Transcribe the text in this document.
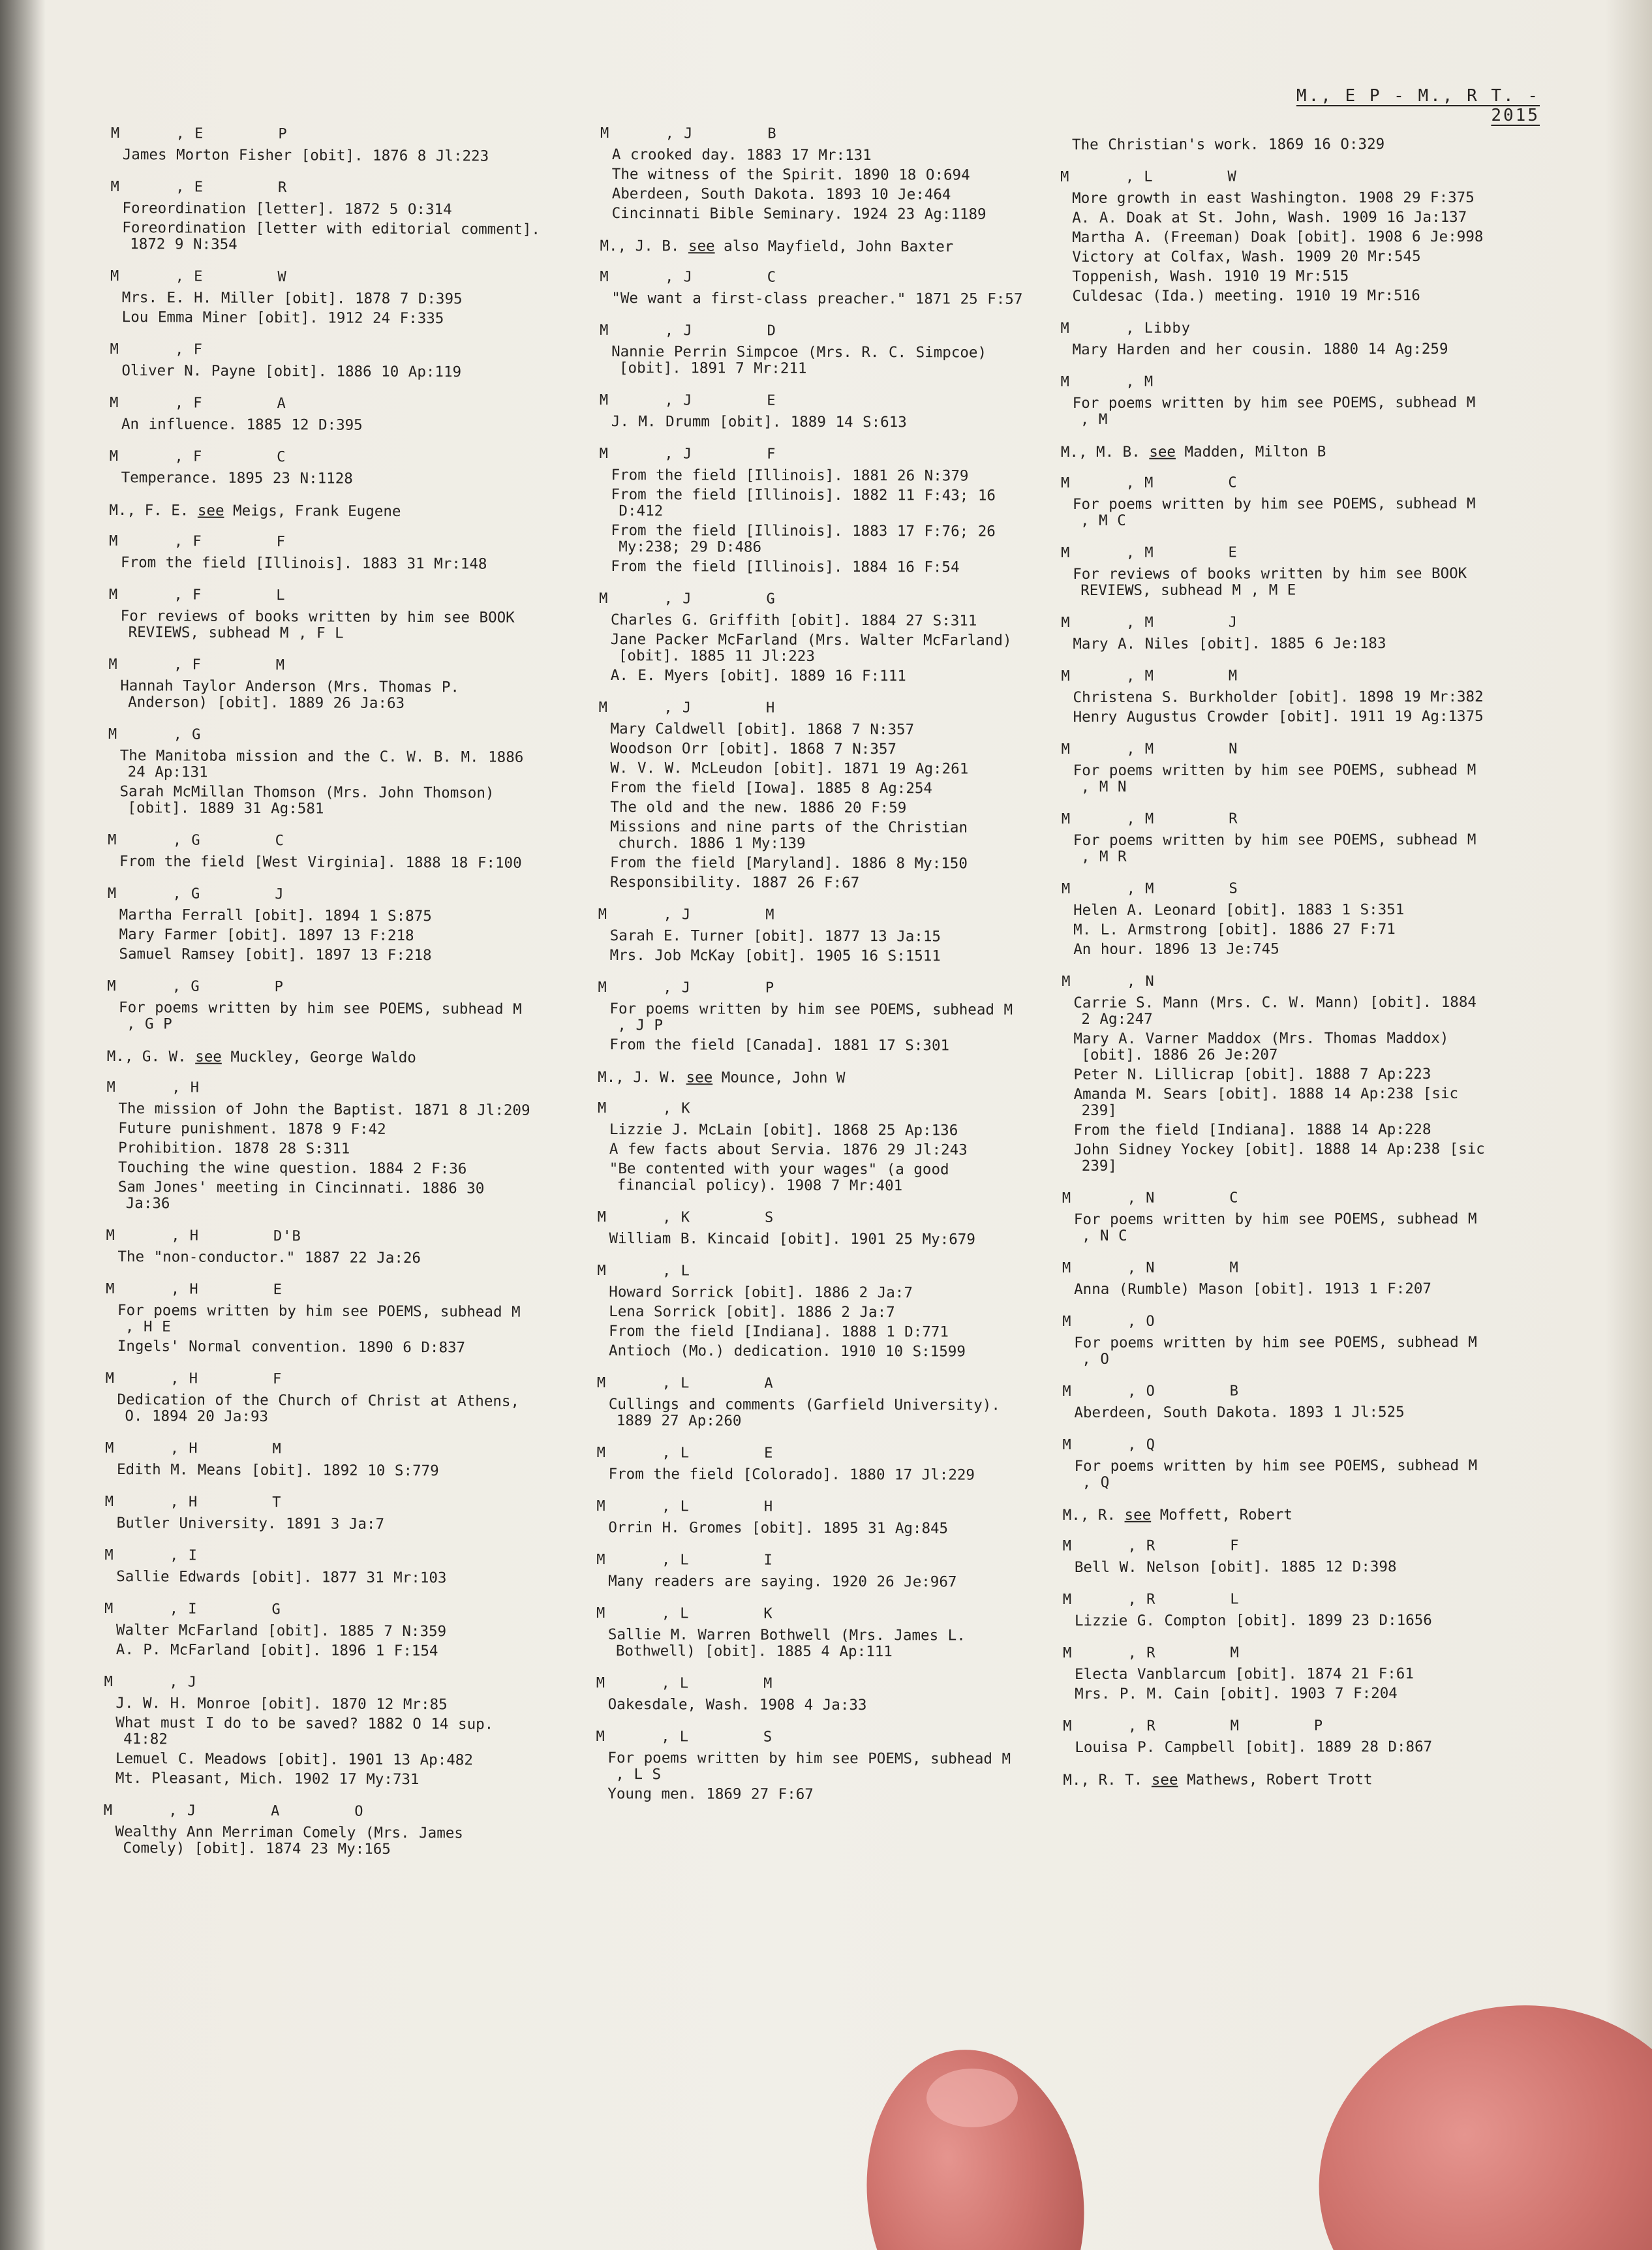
M., E P - M., R T. - 2015
M      , E        P
James Morton Fisher [obit]. 1876 8 Jl:223
M      , E        R
Foreordination [letter]. 1872 5 O:314
Foreordination [letter with editorial comment]. 1872 9 N:354
M      , E        W
Mrs. E. H. Miller [obit]. 1878 7 D:395
Lou Emma Miner [obit]. 1912 24 F:335
M      , F
Oliver N. Payne [obit]. 1886 10 Ap:119
M      , F        A
An influence. 1885 12 D:395
M      , F        C
Temperance. 1895 23 N:1128
M., F. E. see Meigs, Frank Eugene
M      , F        F
From the field [Illinois]. 1883 31 Mr:148
M      , F        L
For reviews of books written by him see BOOK REVIEWS, subhead M , F L
M      , F        M
Hannah Taylor Anderson (Mrs. Thomas P. Anderson) [obit]. 1889 26 Ja:63
M      , G
The Manitoba mission and the C. W. B. M. 1886 24 Ap:131
Sarah McMillan Thomson (Mrs. John Thomson) [obit]. 1889 31 Ag:581
M      , G        C
From the field [West Virginia]. 1888 18 F:100
M      , G        J
Martha Ferrall [obit]. 1894 1 S:875
Mary Farmer [obit]. 1897 13 F:218
Samuel Ramsey [obit]. 1897 13 F:218
M      , G        P
For poems written by him see POEMS, subhead M , G P
M., G. W. see Muckley, George Waldo
M      , H
The mission of John the Baptist. 1871 8 Jl:209
Future punishment. 1878 9 F:42
Prohibition. 1878 28 S:311
Touching the wine question. 1884 2 F:36
Sam Jones' meeting in Cincinnati. 1886 30 Ja:36
M      , H        D'B
The "non-conductor." 1887 22 Ja:26
M      , H        E
For poems written by him see POEMS, subhead M , H E
Ingels' Normal convention. 1890 6 D:837
M      , H        F
Dedication of the Church of Christ at Athens, O. 1894 20 Ja:93
M      , H        M
Edith M. Means [obit]. 1892 10 S:779
M      , H        T
Butler University. 1891 3 Ja:7
M      , I
Sallie Edwards [obit]. 1877 31 Mr:103
M      , I        G
Walter McFarland [obit]. 1885 7 N:359
A. P. McFarland [obit]. 1896 1 F:154
M      , J
J. W. H. Monroe [obit]. 1870 12 Mr:85
What must I do to be saved? 1882 O 14 sup. 41:82
Lemuel C. Meadows [obit]. 1901 13 Ap:482
Mt. Pleasant, Mich. 1902 17 My:731
M      , J        A        O
Wealthy Ann Merriman Comely (Mrs. James Comely) [obit]. 1874 23 My:165
M      , J        B
A crooked day. 1883 17 Mr:131
The witness of the Spirit. 1890 18 O:694
Aberdeen, South Dakota. 1893 10 Je:464
Cincinnati Bible Seminary. 1924 23 Ag:1189
M., J. B. see also Mayfield, John Baxter
M      , J        C
"We want a first-class preacher." 1871 25 F:57
M      , J        D
Nannie Perrin Simpcoe (Mrs. R. C. Simpcoe) [obit]. 1891 7 Mr:211
M      , J        E
J. M. Drumm [obit]. 1889 14 S:613
M      , J        F
From the field [Illinois]. 1881 26 N:379
From the field [Illinois]. 1882 11 F:43; 16 D:412
From the field [Illinois]. 1883 17 F:76; 26 My:238; 29 D:486
From the field [Illinois]. 1884 16 F:54
M      , J        G
Charles G. Griffith [obit]. 1884 27 S:311
Jane Packer McFarland (Mrs. Walter McFarland) [obit]. 1885 11 Jl:223
A. E. Myers [obit]. 1889 16 F:111
M      , J        H
Mary Caldwell [obit]. 1868 7 N:357
Woodson Orr [obit]. 1868 7 N:357
W. V. W. McLeudon [obit]. 1871 19 Ag:261
From the field [Iowa]. 1885 8 Ag:254
The old and the new. 1886 20 F:59
Missions and nine parts of the Christian church. 1886 1 My:139
From the field [Maryland]. 1886 8 My:150
Responsibility. 1887 26 F:67
M      , J        M
Sarah E. Turner [obit]. 1877 13 Ja:15
Mrs. Job McKay [obit]. 1905 16 S:1511
M      , J        P
For poems written by him see POEMS, subhead M , J P
From the field [Canada]. 1881 17 S:301
M., J. W. see Mounce, John W
M      , K
Lizzie J. McLain [obit]. 1868 25 Ap:136
A few facts about Servia. 1876 29 Jl:243
"Be contented with your wages" (a good financial policy). 1908 7 Mr:401
M      , K        S
William B. Kincaid [obit]. 1901 25 My:679
M      , L
Howard Sorrick [obit]. 1886 2 Ja:7
Lena Sorrick [obit]. 1886 2 Ja:7
From the field [Indiana]. 1888 1 D:771
Antioch (Mo.) dedication. 1910 10 S:1599
M      , L        A
Cullings and comments (Garfield University). 1889 27 Ap:260
M      , L        E
From the field [Colorado]. 1880 17 Jl:229
M      , L        H
Orrin H. Gromes [obit]. 1895 31 Ag:845
M      , L        I
Many readers are saying. 1920 26 Je:967
M      , L        K
Sallie M. Warren Bothwell (Mrs. James L. Bothwell) [obit]. 1885 4 Ap:111
M      , L        M
Oakesdale, Wash. 1908 4 Ja:33
M      , L        S
For poems written by him see POEMS, subhead M , L S
Young men. 1869 27 F:67
The Christian's work. 1869 16 O:329
M      , L        W
More growth in east Washington. 1908 29 F:375
A. A. Doak at St. John, Wash. 1909 16 Ja:137
Martha A. (Freeman) Doak [obit]. 1908 6 Je:998
Victory at Colfax, Wash. 1909 20 Mr:545
Toppenish, Wash. 1910 19 Mr:515
Culdesac (Ida.) meeting. 1910 19 Mr:516
M      , Libby
Mary Harden and her cousin. 1880 14 Ag:259
M      , M
For poems written by him see POEMS, subhead M , M
M., M. B. see Madden, Milton B
M      , M        C
For poems written by him see POEMS, subhead M , M C
M      , M        E
For reviews of books written by him see BOOK REVIEWS, subhead M , M E
M      , M        J
Mary A. Niles [obit]. 1885 6 Je:183
M      , M        M
Christena S. Burkholder [obit]. 1898 19 Mr:382
Henry Augustus Crowder [obit]. 1911 19 Ag:1375
M      , M        N
For poems written by him see POEMS, subhead M , M N
M      , M        R
For poems written by him see POEMS, subhead M , M R
M      , M        S
Helen A. Leonard [obit]. 1883 1 S:351
M. L. Armstrong [obit]. 1886 27 F:71
An hour. 1896 13 Je:745
M      , N
Carrie S. Mann (Mrs. C. W. Mann) [obit]. 1884 2 Ag:247
Mary A. Varner Maddox (Mrs. Thomas Maddox) [obit]. 1886 26 Je:207
Peter N. Lillicrap [obit]. 1888 7 Ap:223
Amanda M. Sears [obit]. 1888 14 Ap:238 [sic 239]
From the field [Indiana]. 1888 14 Ap:228
John Sidney Yockey [obit]. 1888 14 Ap:238 [sic 239]
M      , N        C
For poems written by him see POEMS, subhead M , N C
M      , N        M
Anna (Rumble) Mason [obit]. 1913 1 F:207
M      , O
For poems written by him see POEMS, subhead M , O
M      , O        B
Aberdeen, South Dakota. 1893 1 Jl:525
M      , Q
For poems written by him see POEMS, subhead M , Q
M., R. see Moffett, Robert
M      , R        F
Bell W. Nelson [obit]. 1885 12 D:398
M      , R        L
Lizzie G. Compton [obit]. 1899 23 D:1656
M      , R        M
Electa Vanblarcum [obit]. 1874 21 F:61
Mrs. P. M. Cain [obit]. 1903 7 F:204
M      , R        M        P
Louisa P. Campbell [obit]. 1889 28 D:867
M., R. T. see Mathews, Robert Trott
